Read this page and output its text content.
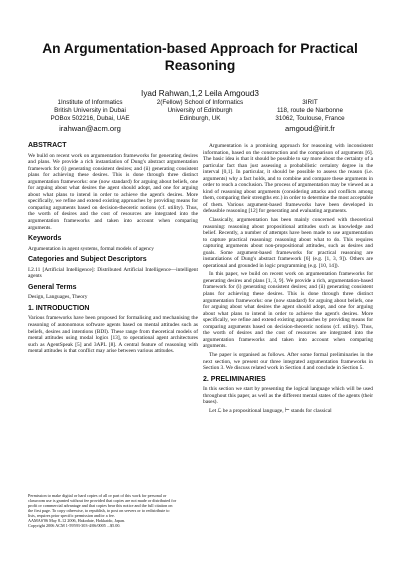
An Argumentation-based Approach for Practical Reasoning
Iyad Rahwan,1,2 Leila Amgoud3
1Institute of Informatics
British University in Dubai
POBox 502216, Dubai, UAE
irahwan@acm.org
2(Fellow) School of Informatics
University of Edinburgh
Edinburgh, UK
3IRIT
118, route de Narbonne
31062, Toulouse, France
amgoud@irit.fr
ABSTRACT

We build on recent work on argumentation frameworks for generating desires and plans. We provide a rich instantiation of Dung's abstract argumentation framework for (i) generating consistent desires; and (ii) generating consistent plans for achieving these desires. This is done through three distinct argumentation frameworks: one (now standard) for arguing about beliefs, one for arguing about what desires the agent should adopt, and one for arguing about what plans to intend in order to achieve the agent's desires. More specifically, we refine and extend existing approaches by providing means for comparing arguments based on decision-theoretic notions (cf. utility). Thus, the worth of desires and the cost of resources are integrated into the argumentation frameworks and taken into account when comparing arguments.

Keywords

Argumentation in agent systems, formal models of agency

Categories and Subject Descriptors

I.2.11 [Artificial Intelligence]: Distributed Artificial Intelligence—intelligent agents

General Terms

Design, Languages, Theory

1. INTRODUCTION

Various frameworks have been proposed for formalising and mechanising the reasoning of autonomous software agents based on mental attitudes such as beliefs, desires and intentions (BDI). These range from theoretical models of mental attitudes using modal logics [13], to operational agent architectures such as AgentSpeak [5] and 3APL [8]. A central feature of reasoning with mental attitudes is that conflict may arise between various attitudes.

Permission to make digital or hard copies of all or part of this work for personal or classroom use is granted without fee provided that copies are not made or distributed for profit or commercial advantage and that copies bear this notice and the full citation on the first page. To copy otherwise, to republish, to post on servers or to redistribute to lists, requires prior specific permission and/or a fee.
AAMAS'06 May 8–12 2006, Hakodate, Hokkaido, Japan.
Copyright 2006 ACM 1-59593-303-4/06/0005 ...$5.00.

Argumentation is a promising approach for reasoning with inconsistent information, based on the construction and the comparison of arguments [6]. The basic idea is that it should be possible to say more about the certainty of a particular fact than just assessing a probabilistic certainty degree in the interval [0,1]. In particular, it should be possible to assess the reason (i.e. arguments) why a fact holds, and to combine and compare these arguments in order to reach a conclusion. The process of argumentation may be viewed as a kind of reasoning about arguments (considering attacks and conflicts among them, comparing their strengths etc.) in order to determine the most acceptable of them. Various argument-based frameworks have been developed in defeasible reasoning [12] for generating and evaluating arguments.

Classically, argumentation has been mainly concerned with theoretical reasoning: reasoning about propositional attitudes such as knowledge and belief. Recently, a number of attempts have been made to use argumentation to capture practical reasoning: reasoning about what to do. This requires capturing arguments about non-propositional attitudes, such as desires and goals. Some argument-based frameworks for practical reasoning are instantiations of Dung's abstract framework [6] (e.g. [1, 3, 9]). Others are operational and grounded in logic programming (e.g. [10, 14]).

In this paper, we build on recent work on argumentation frameworks for generating desires and plans [1, 3, 9]. We provide a rich, argumentation-based framework for (i) generating consistent desires; and (ii) generating consistent plans for achieving these desires. This is done through three distinct argumentation frameworks: one (now standard) for arguing about beliefs, one for arguing about what desires the agent should adopt, and one for arguing about what plans to intend in order to achieve the agent's desires. More specifically, we refine and extend existing approaches by providing means for comparing arguments based on decision-theoretic notions (cf. utility). Thus, the worth of desires and the cost of resources are integrated into the argumentation frameworks and taken into account when comparing arguments.

The paper is organised as follows. After some formal preliminaries in the next section, we present our three integrated argumentation frameworks in Section 3. We discuss related work in Section 4 and conclude in Section 5.

2. PRELIMINARIES

In this section we start by presenting the logical language which will be used throughout this paper, as well as the different mental states of the agents (their bases).

Let ℒ be a propositional language, ⊢ stands for classical
